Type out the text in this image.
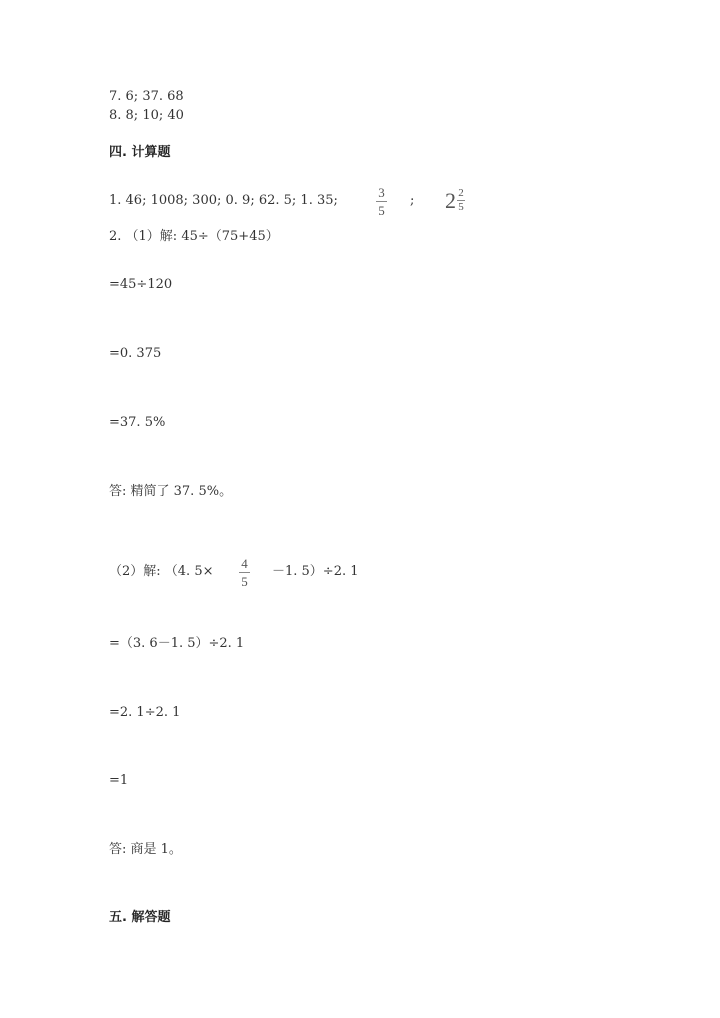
7. 6; 37. 68
8. 8; 10; 40
四. 计算题
1. 46; 1008; 300; 0. 9; 62. 5; 1. 35;
3
5
; $2 \frac{2}{5}$
2. （1）解: 45÷（75+45）
=45÷120
=0. 375
=37. 5%
答: 精简了 37. 5%。
（2）解: （4. 5×
4
5
－1. 5）÷2. 1
=（3. 6－1. 5）÷2. 1
=2. 1÷2. 1
=1
答: 商是 1。
五. 解答题
